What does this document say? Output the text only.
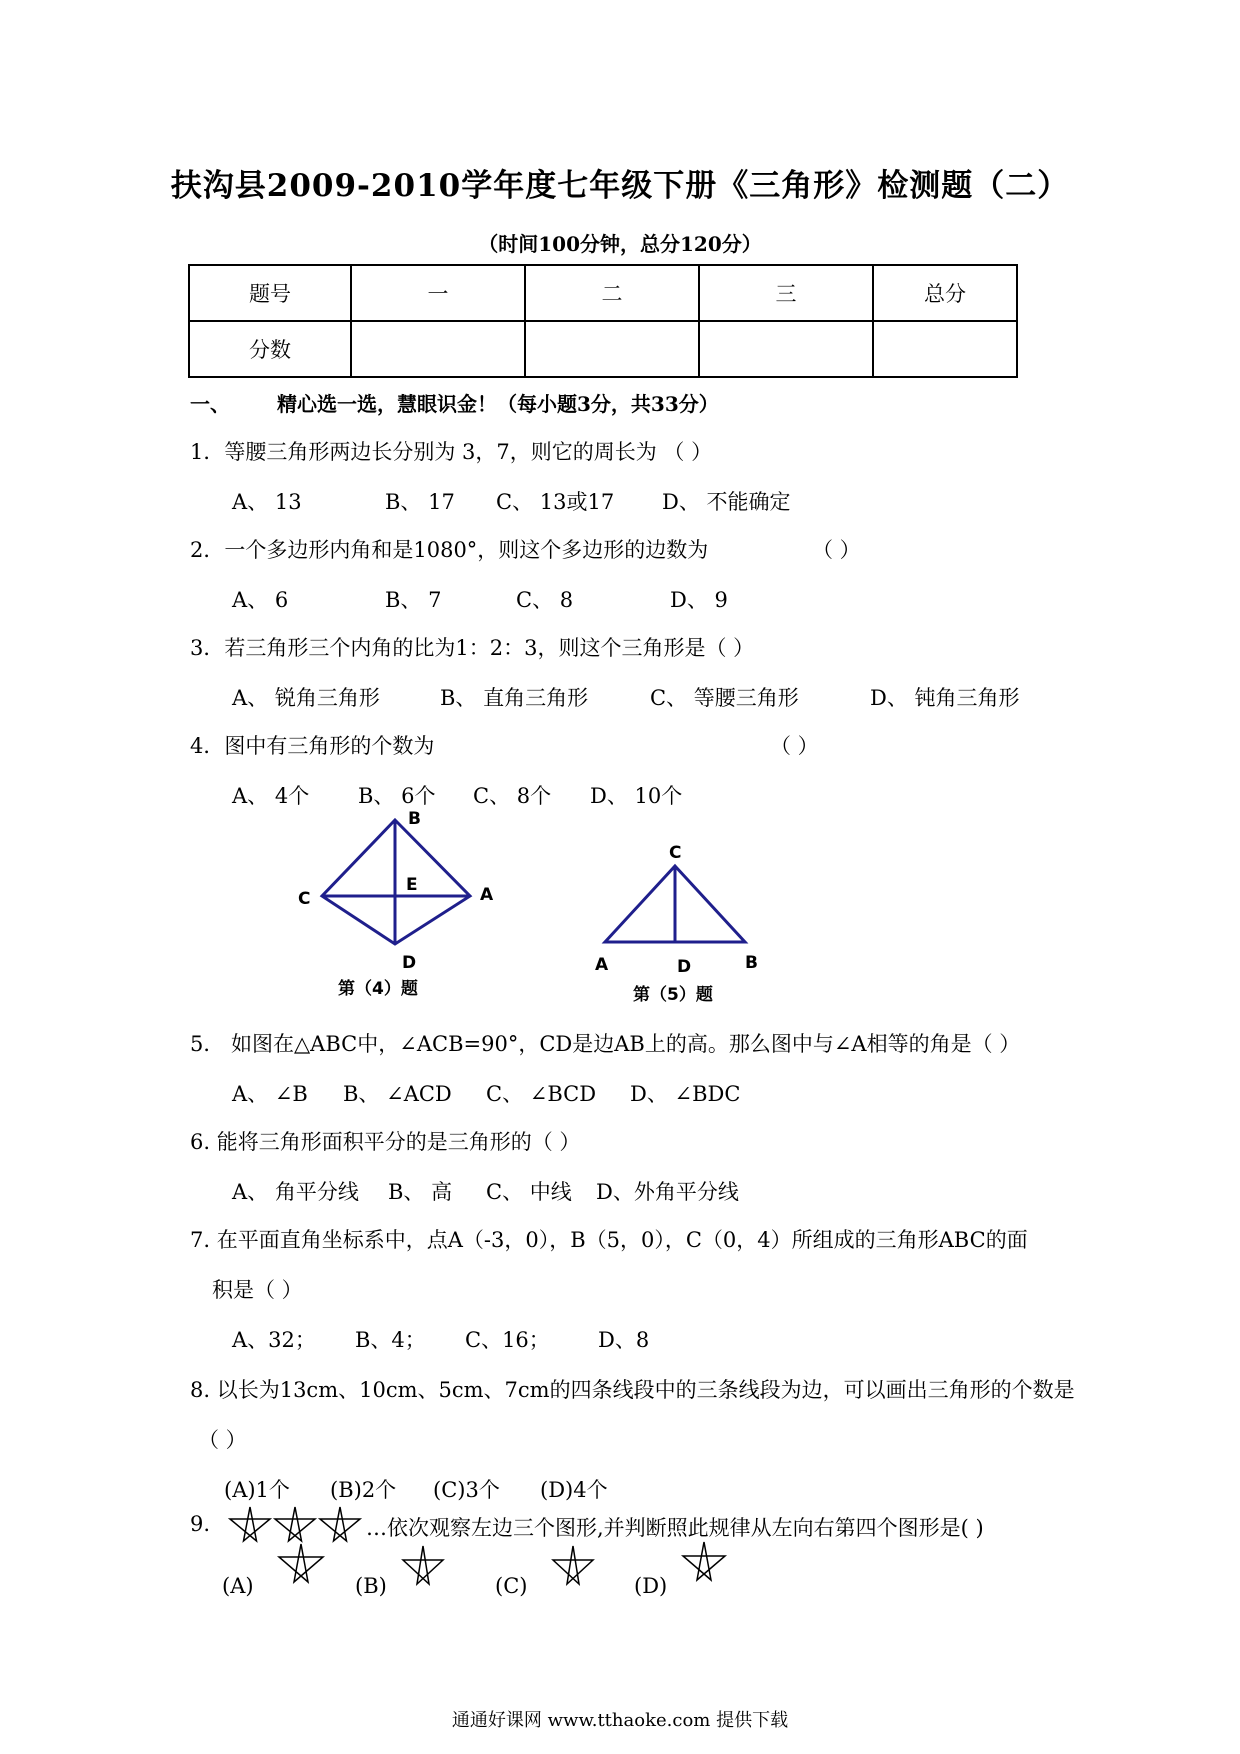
扶沟县2009-2010学年度七年级下册《三角形》检测题（二）
（时间100分钟，总分120分）
题号	一	二	三	总分
分数				
一、 精心选一选，慧眼识金！（每小题3分，共33分）
1．等腰三角形两边长分别为 3，7，则它的周长为 （ ）
A、 13	B、 17 C、 13或17 D、 不能确定
2．一个多边形内角和是1080°，则这个多边形的边数为	（ ）
A、 6	B、 7	C、 8	D、 9
3．若三角形三个内角的比为1：2：3，则这个三角形是（ ）
A、 锐角三角形	B、 直角三角形	C、 等腰三角形	D、 钝角三角形
4．图中有三角形的个数为	（ ）
A、 4个 B、 6个 C、 8个 D、 10个
B
C
E	A
D
第（4）题
C
A	D	B
第（5）题
5． 如图在△ABC中，∠ACB=90°，CD是边AB上的高。那么图中与∠A相等的角是（ ）
A、 ∠B B、 ∠ACD C、 ∠BCD D、 ∠BDC
6. 能将三角形面积平分的是三角形的（ ）
A、 角平分线 B、 高 C、 中线 D、外角平分线
7. 在平面直角坐标系中，点A（-3，0），B（5，0），C（0，4）所组成的三角形ABC的面
积是（ ）
A、32； B、4； C、16； D、8
8. 以长为13cm、10cm、5cm、7cm的四条线段中的三条线段为边，可以画出三角形的个数是
（ ）
(A)1个 (B)2个 (C)3个 (D)4个
9.	…依次观察左边三个图形,并判断照此规律从左向右第四个图形是( )
(A)	(B)	(C)	(D)
通通好课网 www.tthaoke.com 提供下载
